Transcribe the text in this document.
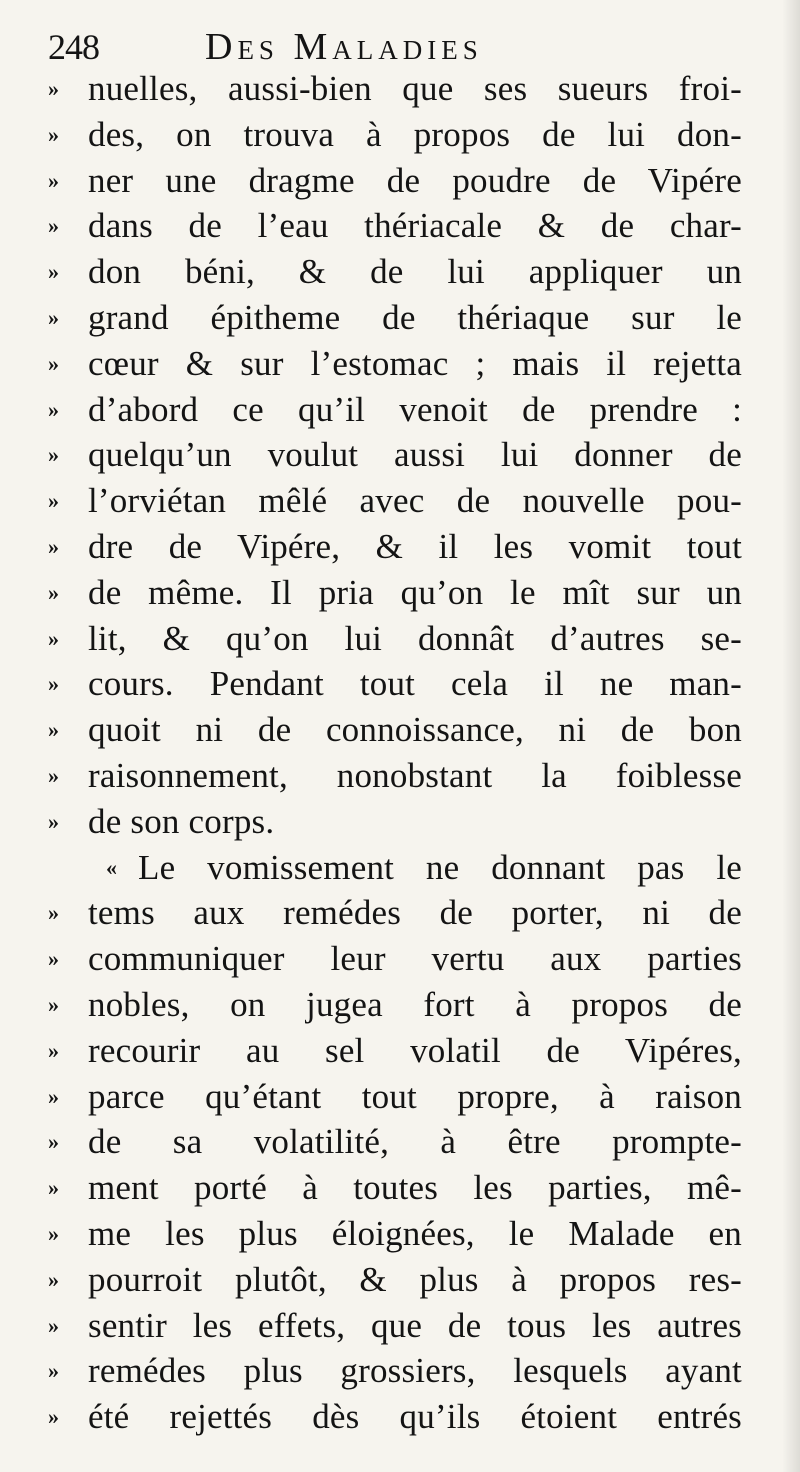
248	Des Maladies
» nuelles, aussi-bien que ses sueurs froi-
» des, on trouva à propos de lui don-
» ner une dragme de poudre de Vipére
» dans de l’eau thériacale & de char-
» don béni, & de lui appliquer un
» grand épitheme de thériaque sur le
» cœur & sur l’estomac ; mais il rejetta
» d’abord ce qu’il venoit de prendre :
» quelqu’un voulut aussi lui donner de
» l’orviétan mêlé avec de nouvelle pou-
» dre de Vipére, & il les vomit tout
» de même. Il pria qu’on le mît sur un
» lit, & qu’on lui donnât d’autres se-
» cours. Pendant tout cela il ne man-
» quoit ni de connoissance, ni de bon
» raisonnement, nonobstant la foiblesse
» de son corps.
« Le vomissement ne donnant pas le
» tems aux remédes de porter, ni de
» communiquer leur vertu aux parties
» nobles, on jugea fort à propos de
» recourir au sel volatil de Vipéres,
» parce qu’étant tout propre, à raison
» de sa volatilité, à être prompte-
» ment porté à toutes les parties, mê-
» me les plus éloignées, le Malade en
» pourroit plutôt, & plus à propos res-
» sentir les effets, que de tous les autres
» remédes plus grossiers, lesquels ayant
» été rejettés dès qu’ils étoient entrés
